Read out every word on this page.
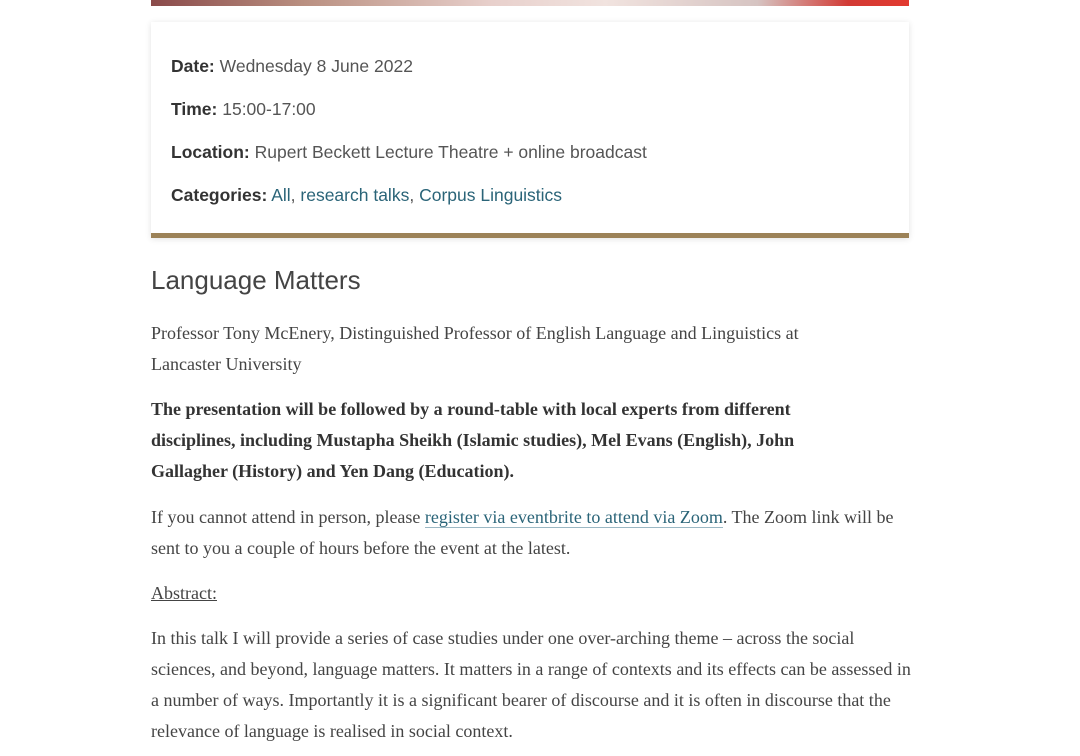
Date: Wednesday 8 June 2022
Time: 15:00-17:00
Location: Rupert Beckett Lecture Theatre + online broadcast
Categories: All, research talks, Corpus Linguistics
Language Matters

Professor Tony McEnery, Distinguished Professor of English Language and Linguistics at Lancaster University

The presentation will be followed by a round-table with local experts from different disciplines, including Mustapha Sheikh (Islamic studies), Mel Evans (English), John Gallagher (History) and Yen Dang (Education).

If you cannot attend in person, please register via eventbrite to attend via Zoom. The Zoom link will be sent to you a couple of hours before the event at the latest.

Abstract:

In this talk I will provide a series of case studies under one over-arching theme – across the social sciences, and beyond, language matters. It matters in a range of contexts and its effects can be assessed in a number of ways. Importantly it is a significant bearer of discourse and it is often in discourse that the relevance of language is realised in social context.
